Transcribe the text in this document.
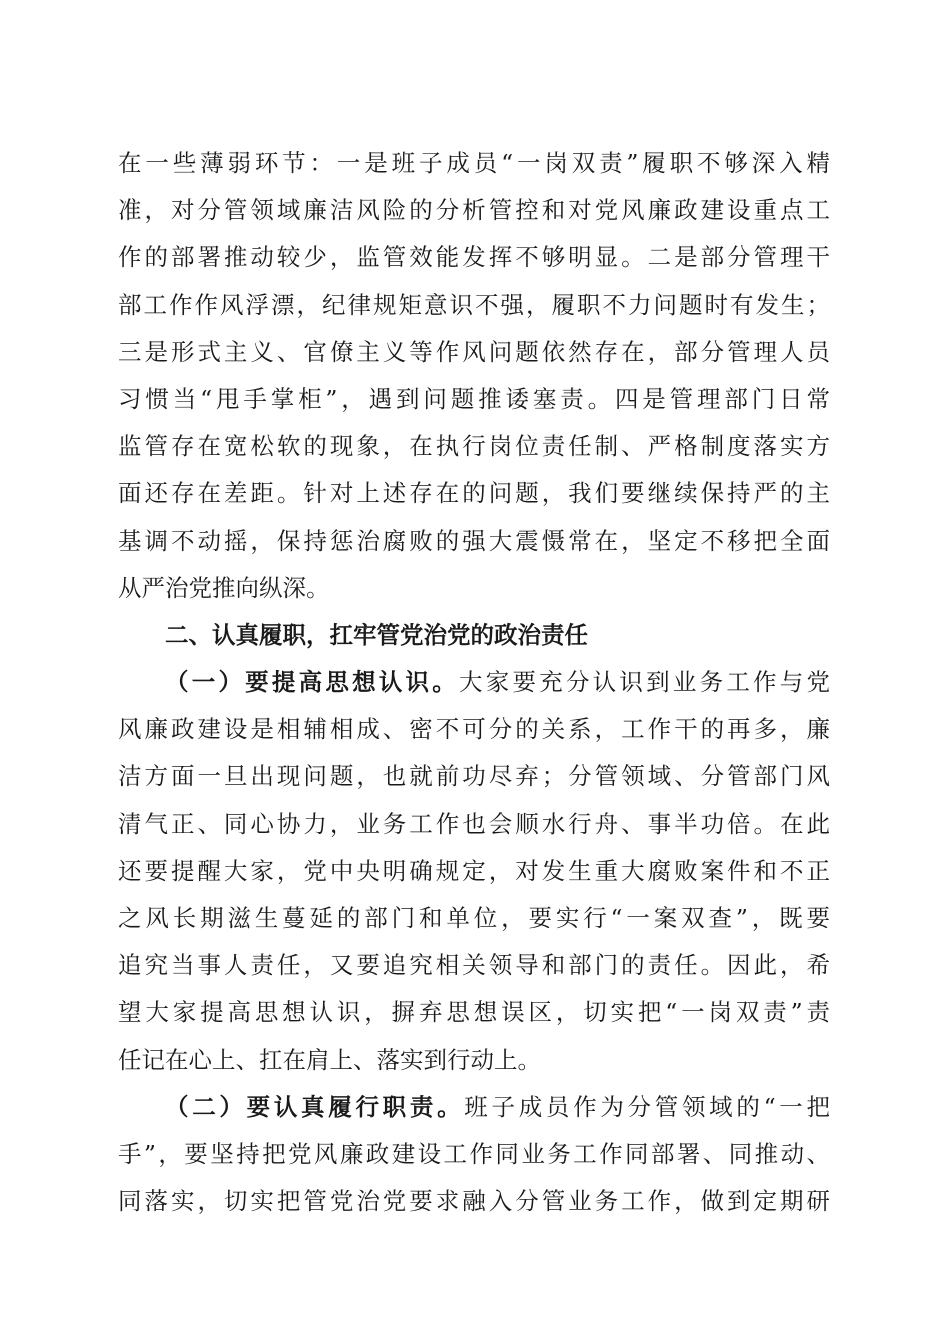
在一些薄弱环节：一是班子成员“一岗双责”履职不够深入精
准，对分管领域廉洁风险的分析管控和对党风廉政建设重点工
作的部署推动较少，监管效能发挥不够明显。二是部分管理干
部工作作风浮漂，纪律规矩意识不强，履职不力问题时有发生；
三是形式主义、官僚主义等作风问题依然存在，部分管理人员
习惯当“甩手掌柜”，遇到问题推诿塞责。四是管理部门日常
监管存在宽松软的现象，在执行岗位责任制、严格制度落实方
面还存在差距。针对上述存在的问题，我们要继续保持严的主
基调不动摇，保持惩治腐败的强大震慑常在，坚定不移把全面
从严治党推向纵深。
二、认真履职，扛牢管党治党的政治责任
（一）要提高思想认识。大家要充分认识到业务工作与党
风廉政建设是相辅相成、密不可分的关系，工作干的再多，廉
洁方面一旦出现问题，也就前功尽弃；分管领域、分管部门风
清气正、同心协力，业务工作也会顺水行舟、事半功倍。在此
还要提醒大家，党中央明确规定，对发生重大腐败案件和不正
之风长期滋生蔓延的部门和单位，要实行“一案双查”，既要
追究当事人责任，又要追究相关领导和部门的责任。因此，希
望大家提高思想认识，摒弃思想误区，切实把“一岗双责”责
任记在心上、扛在肩上、落实到行动上。
（二）要认真履行职责。班子成员作为分管领域的“一把
手”，要坚持把党风廉政建设工作同业务工作同部署、同推动、
同落实，切实把管党治党要求融入分管业务工作，做到定期研
